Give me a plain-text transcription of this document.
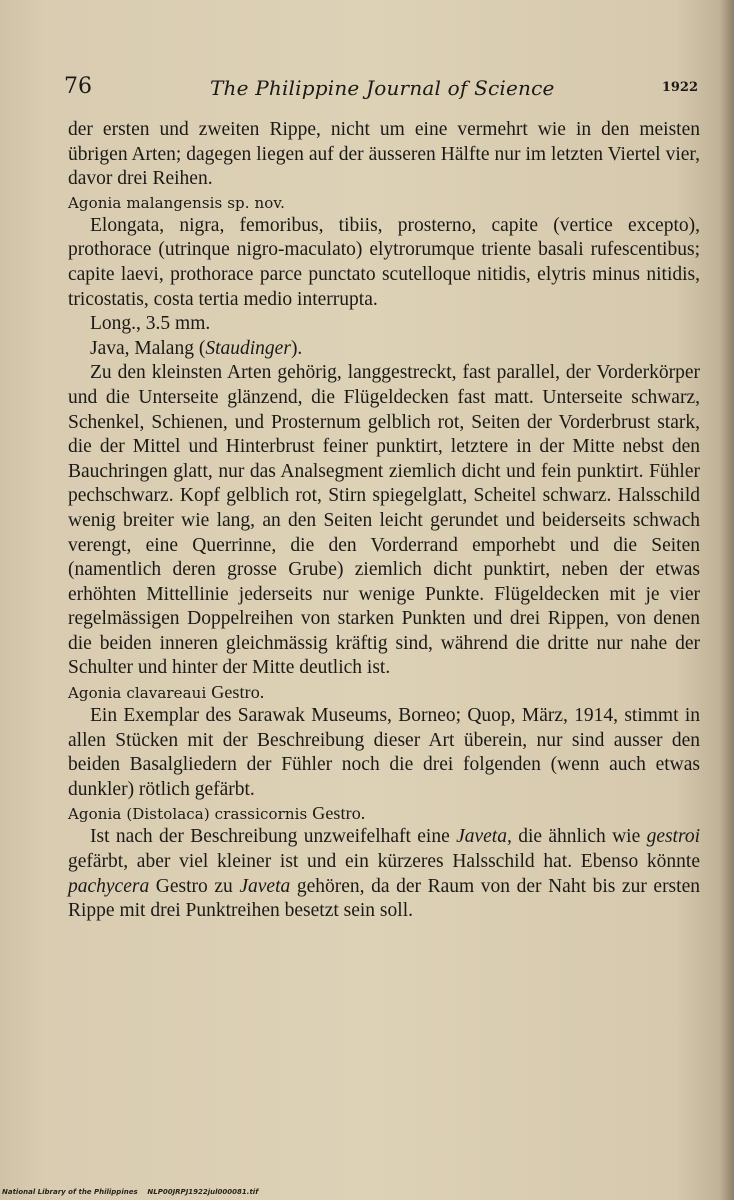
76	The Philippine Journal of Science	1922

der ersten und zweiten Rippe, nicht um eine vermehrt wie in den meisten übrigen Arten; dagegen liegen auf der äusseren Hälfte nur im letzten Viertel vier, davor drei Reihen.

Agonia malangensis sp. nov.

Elongata, nigra, femoribus, tibiis, prosterno, capite (vertice excepto), prothorace (utrinque nigro-maculato) elytrorumque triente basali rufescentibus; capite laevi, prothorace parce punctato scutelloque nitidis, elytris minus nitidis, tricostatis, costa tertia medio interrupta.

Long., 3.5 mm.

Java, Malang (Staudinger).

Zu den kleinsten Arten gehörig, langgestreckt, fast parallel, der Vorderkörper und die Unterseite glänzend, die Flügeldecken fast matt. Unterseite schwarz, Schenkel, Schienen, und Prosternum gelblich rot, Seiten der Vorderbrust stark, die der Mittel und Hinterbrust feiner punktirt, letztere in der Mitte nebst den Bauchringen glatt, nur das Analsegment ziemlich dicht und fein punktirt. Fühler pechschwarz. Kopf gelblich rot, Stirn spiegelglatt, Scheitel schwarz. Halsschild wenig breiter wie lang, an den Seiten leicht gerundet und beiderseits schwach verengt, eine Querrinne, die den Vorderrand emporhebt und die Seiten (namentlich deren grosse Grube) ziemlich dicht punktirt, neben der etwas erhöhten Mittellinie jederseits nur wenige Punkte. Flügeldecken mit je vier regelmässigen Doppelreihen von starken Punkten und drei Rippen, von denen die beiden inneren gleichmässig kräftig sind, während die dritte nur nahe der Schulter und hinter der Mitte deutlich ist.

Agonia clavareaui Gestro.

Ein Exemplar des Sarawak Museums, Borneo; Quop, März, 1914, stimmt in allen Stücken mit der Beschreibung dieser Art überein, nur sind ausser den beiden Basalgliedern der Fühler noch die drei folgenden (wenn auch etwas dunkler) rötlich gefärbt.

Agonia (Distolaca) crassicornis Gestro.

Ist nach der Beschreibung unzweifelhaft eine Javeta, die ähnlich wie gestroi gefärbt, aber viel kleiner ist und ein kürzeres Halsschild hat. Ebenso könnte pachycera Gestro zu Javeta gehören, da der Raum von der Naht bis zur ersten Rippe mit drei Punktreihen besetzt sein soll.

National Library of the Philippines NLP00JRPJ1922jul000081.tif
